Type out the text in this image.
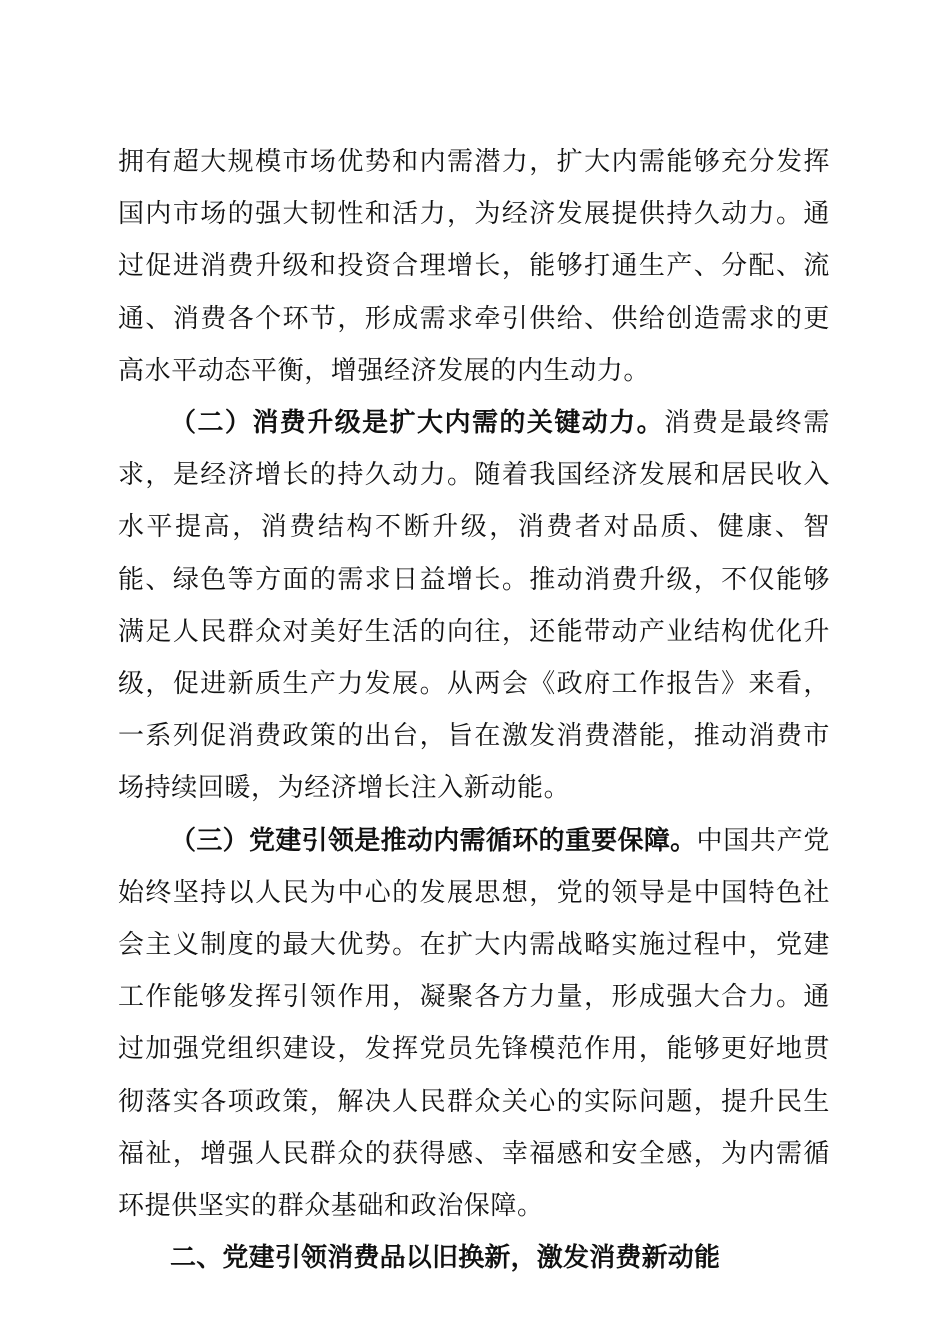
拥有超大规模市场优势和内需潜力，扩大内需能够充分发挥国内市场的强大韧性和活力，为经济发展提供持久动力。通过促进消费升级和投资合理增长，能够打通生产、分配、流通、消费各个环节，形成需求牵引供给、供给创造需求的更高水平动态平衡，增强经济发展的内生动力。

（二）消费升级是扩大内需的关键动力。消费是最终需求，是经济增长的持久动力。随着我国经济发展和居民收入水平提高，消费结构不断升级，消费者对品质、健康、智能、绿色等方面的需求日益增长。推动消费升级，不仅能够满足人民群众对美好生活的向往，还能带动产业结构优化升级，促进新质生产力发展。从两会《政府工作报告》来看，一系列促消费政策的出台，旨在激发消费潜能，推动消费市场持续回暖，为经济增长注入新动能。

（三）党建引领是推动内需循环的重要保障。中国共产党始终坚持以人民为中心的发展思想，党的领导是中国特色社会主义制度的最大优势。在扩大内需战略实施过程中，党建工作能够发挥引领作用，凝聚各方力量，形成强大合力。通过加强党组织建设，发挥党员先锋模范作用，能够更好地贯彻落实各项政策，解决人民群众关心的实际问题，提升民生福祉，增强人民群众的获得感、幸福感和安全感，为内需循环提供坚实的群众基础和政治保障。

二、党建引领消费品以旧换新，激发消费新动能
